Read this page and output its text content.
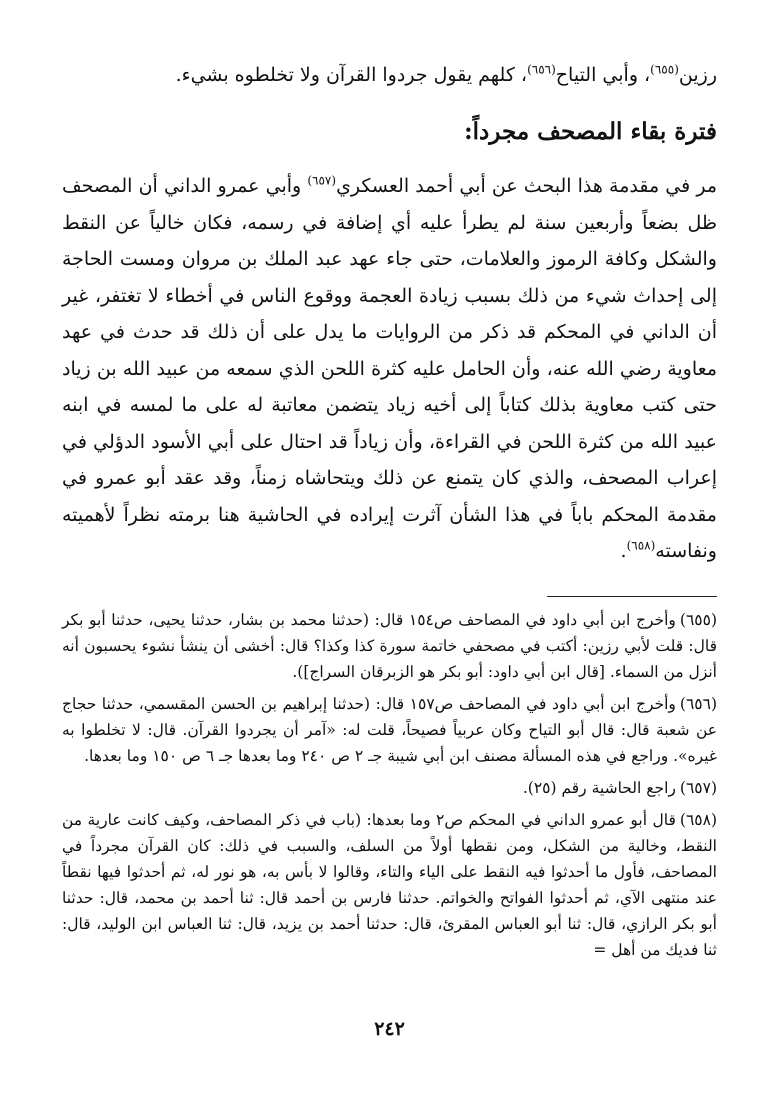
رزين$^{(٦٥٥)}$، وأبي التياح$^{(٦٥٦)}$، كلهم يقول جردوا القرآن ولا تخلطوه بشيء.

فترة بقاء المصحف مجرداً:

مر في مقدمة هذا البحث عن أبي أحمد العسكري$^{(٦٥٧)}$ وأبي عمرو الداني أن المصحف ظل بضعاً وأربعين سنة لم يطرأ عليه أي إضافة في رسمه، فكان خالياً عن النقط والشكل وكافة الرموز والعلامات، حتى جاء عهد عبد الملك بن مروان ومست الحاجة إلى إحداث شيء من ذلك بسبب زيادة العجمة ووقوع الناس في أخطاء لا تغتفر، غير أن الداني في المحكم قد ذكر من الروايات ما يدل على أن ذلك قد حدث في عهد معاوية رضي الله عنه، وأن الحامل عليه كثرة اللحن الذي سمعه من عبيد الله بن زياد حتى كتب معاوية بذلك كتاباً إلى أخيه زياد يتضمن معاتبة له على ما لمسه في ابنه عبيد الله من كثرة اللحن في القراءة، وأن زياداً قد احتال على أبي الأسود الدؤلي في إعراب المصحف، والذي كان يتمنع عن ذلك ويتحاشاه زمناً، وقد عقد أبو عمرو في مقدمة المحكم باباً في هذا الشأن آثرت إيراده في الحاشية هنا برمته نظراً لأهميته ونفاسته$^{(٦٥٨)}$.

(٦٥٥)وأخرج ابن أبي داود في المصاحف ص١٥٤ قال: (حدثنا محمد بن بشار، حدثنا يحيى، حدثنا أبو بكر قال: قلت لأبي رزين: أكتب في مصحفي خاتمة سورة كذا وكذا؟ قال: أخشى أن ينشأ نشوء يحسبون أنه أنزل من السماء. [قال ابن أبي داود: أبو بكر هو الزبرقان السراج]).

(٦٥٦)وأخرج ابن أبي داود في المصاحف ص١٥٧ قال: (حدثنا إبراهيم بن الحسن المقسمي، حدثنا حجاج عن شعبة قال: قال أبو التياح وكان عربياً فصيحاً، قلت له: «آمر أن يجردوا القرآن. قال: لا تخلطوا به غيره». وراجع في هذه المسألة مصنف ابن أبي شيبة جـ ٢ ص ٢٤٠ وما بعدها جـ ٦ ص ١٥٠ وما بعدها.

(٦٥٧)راجع الحاشية رقم (٢٥).

(٦٥٨)قال أبو عمرو الداني في المحكم ص٢ وما بعدها: (باب في ذكر المصاحف، وكيف كانت عارية من النقط، وخالية من الشكل، ومن نقطها أولاً من السلف، والسبب في ذلك: كان القرآن مجرداً في المصاحف، فأول ما أحدثوا فيه النقط على الياء والتاء، وقالوا لا بأس به، هو نور له، ثم أحدثوا فيها نقطاً عند منتهى الآي، ثم أحدثوا الفواتح والخواتم. حدثنا فارس بن أحمد قال: ثنا أحمد بن محمد، قال: حدثنا أبو بكر الرازي، قال: ثنا أبو العباس المقرئ، قال: حدثنا أحمد بن يزيد، قال: ثنا العباس ابن الوليد، قال: ثنا فديك من أهل =

٢٤٢
